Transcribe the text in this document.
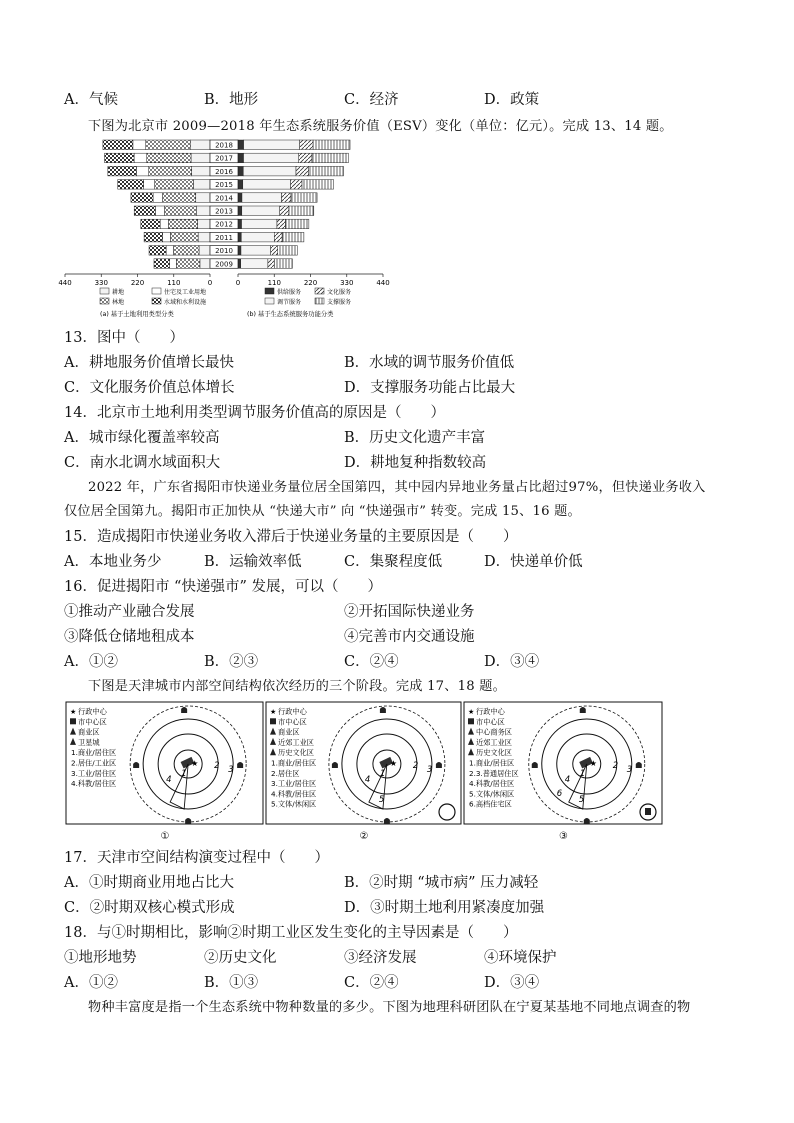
A．气候	B．地形	C．经济	D．政策
下图为北京市 2009—2018 年生态系统服务价值（ESV）变化（单位：亿元）。完成 13、14 题。
2018
2017
2016
2015
2014
2013
2012
2011
2010
2009
440	330	220	110	0	0	110	220	330	440
耕地
林地
住宅及工业用地
水域和水利设施
供给服务
调节服务
文化服务
支撑服务
(a) 基于土地利用类型分类	(b) 基于生态系统服务功能分类
13．图中（　　）
A．耕地服务价值增长最快	B．水域的调节服务价值低
C．文化服务价值总体增长	D．支撑服务功能占比最大
14．北京市土地利用类型调节服务价值高的原因是（　　）
A．城市绿化覆盖率较高	B．历史文化遗产丰富
C．南水北调水域面积大	D．耕地复种指数较高
2022 年，广东省揭阳市快递业务量位居全国第四，其中园内异地业务量占比超过97%，但快递业务收入
仅位居全国第九。揭阳市正加快从 “快递大市” 向 “快递强市” 转变。完成 15、16 题。
15．造成揭阳市快递业务收入滞后于快递业务量的主要原因是（　　）
A．本地业务少	B．运输效率低	C．集聚程度低	D．快递单价低
16．促进揭阳市 “快递强市” 发展，可以（　　）
①推动产业融合发展	②开拓国际快递业务
③降低仓储地租成本	④完善市内交通设施
A．①②	B．②③	C．②④	D．③④
下图是天津城市内部空间结构依次经历的三个阶段。完成 17、18 题。
★ 行政中心
市中心区
商业区
卫星城
1.商业/居住区
2.居住/工业区
3.工业/居住区
4.科教/居住区
★
1
2 3
4
①
★ 行政中心
市中心区
商业区
近郊工业区
历史文化区
1.商业/居住区
2.居住区
3.工业/居住区
4.科教/居住区
5.文体/休闲区
★
1
2 3
4
5
②
★ 行政中心
市中心区
中心商务区
近郊工业区
历史文化区
1.商业/居住区
2.3.普通居住区
4.科教/居住区
5.文体/休闲区
6.高档住宅区
★
1
2 3
4
5
6
③
17．天津市空间结构演变过程中（　　）
A．①时期商业用地占比大	B．②时期 “城市病” 压力减轻
C．②时期双核心模式形成	D．③时期土地利用紧凑度加强
18．与①时期相比，影响②时期工业区发生变化的主导因素是（　　）
①地形地势	②历史文化	③经济发展	④环境保护
A．①②	B．①③	C．②④	D．③④
物种丰富度是指一个生态系统中物种数量的多少。下图为地理科研团队在宁夏某基地不同地点调查的物
